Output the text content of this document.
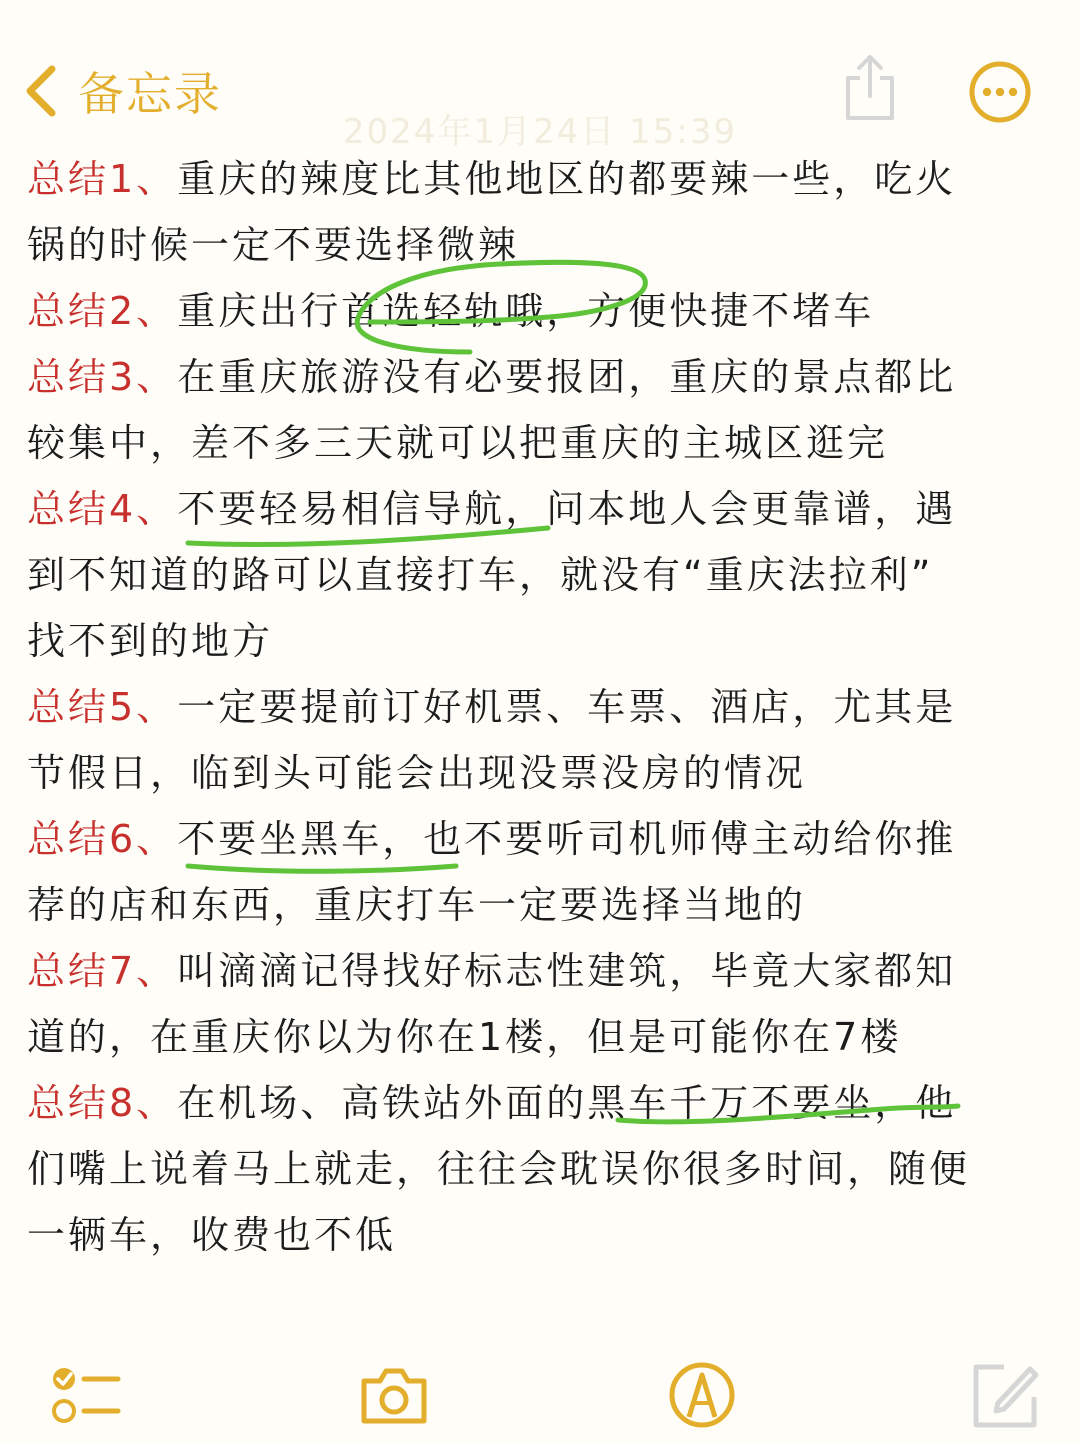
备忘录
2024年1月24日 15:39
总结1、重庆的辣度比其他地区的都要辣一些，吃火
锅的时候一定不要选择微辣
总结2、重庆出行首选轻轨哦，方便快捷不堵车
总结3、在重庆旅游没有必要报团，重庆的景点都比
较集中，差不多三天就可以把重庆的主城区逛完
总结4、不要轻易相信导航，问本地人会更靠谱，遇
到不知道的路可以直接打车，就没有“重庆法拉利”
找不到的地方
总结5、一定要提前订好机票、车票、酒店，尤其是
节假日，临到头可能会出现没票没房的情况
总结6、不要坐黑车，也不要听司机师傅主动给你推
荐的店和东西，重庆打车一定要选择当地的
总结7、叫滴滴记得找好标志性建筑，毕竟大家都知
道的，在重庆你以为你在1楼，但是可能你在7楼
总结8、在机场、高铁站外面的黑车千万不要坐，他
们嘴上说着马上就走，往往会耽误你很多时间，随便
一辆车，收费也不低
